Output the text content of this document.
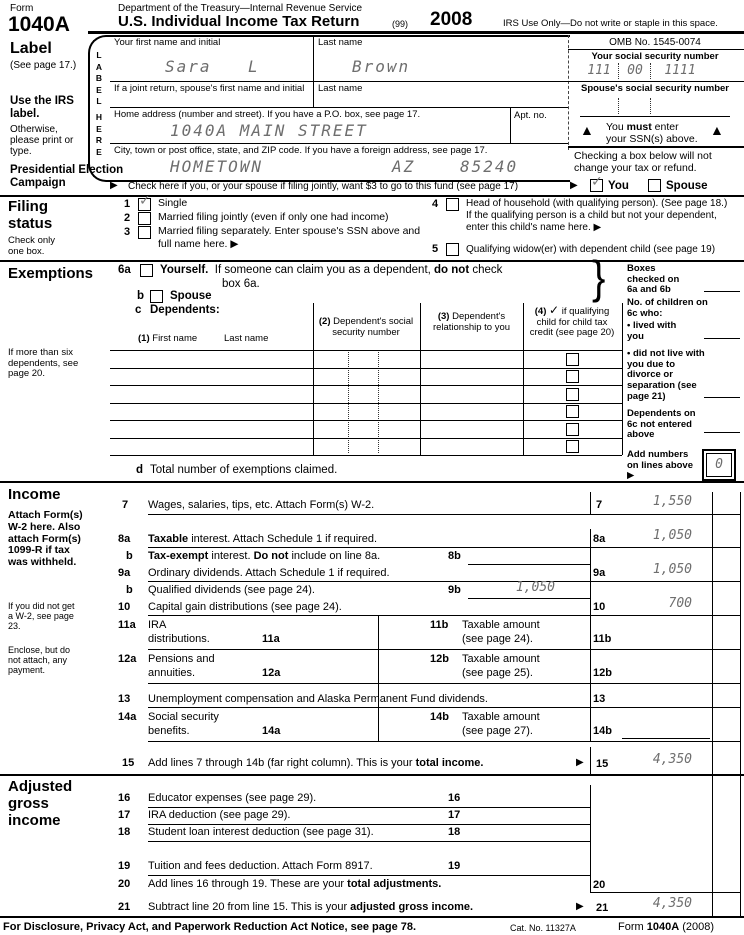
Form
1040A
Department of the Treasury—Internal Revenue Service
U.S. Individual Income Tax Return	(99) 2008	IRS Use Only—Do not write or staple in this space.
Label
(See page 17.)
Use the IRS label.
Otherwise, please print or type.
Presidential Election Campaign	▶
L
A
B
E
L
H
E
R
E
Your first name and initial	Last name
Sara L	Brown
If a joint return, spouse's first name and initial Last name
Home address (number and street). If you have a P.O. box, see page 17.
1040A MAIN STREET
Apt. no.
City, town or post office, state, and ZIP code. If you have a foreign address, see page 17.
HOMETOWN	AZ	85240
OMB No. 1545-0074
Your social security number
111	00	1111
Spouse's social security number
▲ You must enter
your SSN(s) above.
▲
Checking a box below will not change your tax or refund.
▶ ✓ You	Spouse
Check here if you, or your spouse if filing jointly, want $3 to go to this fund (see page 17)
Filing
status
Check only one box.
1 ✓ Single
2	Married filing jointly (even if only one had income)
3	Married filing separately. Enter spouse's SSN above and
full name here. ▶
4	Head of household (with qualifying person). (See page 18.)
If the qualifying person is a child but not your dependent,
enter this child's name here. ▶
5	Qualifying widow(er) with dependent child (see page 19)
Exemptions
If more than six dependents, see page 20.
6a	Yourself. If someone can claim you as a dependent, do not check
box 6a.
b Spouse	}
c Dependents:
(1) First name	Last name
(2) Dependent's social security number
(3) Dependent's relationship to you
(4) ✓ if qualifying child for child tax credit (see page 20)
Boxes checked on 6a and 6b
No. of children on 6c who:
• lived with you
• did not live with you due to divorce or separation (see page 21)
Dependents on 6c not entered above
Add numbers on lines above ▶
0
d Total number of exemptions claimed.
Income
Attach Form(s) W-2 here. Also attach Form(s) 1099-R if tax was withheld.
If you did not get a W-2, see page 23.
Enclose, but do not attach, any payment.
7 Wages, salaries, tips, etc. Attach Form(s) W-2.	7	1,550
8a Taxable interest. Attach Schedule 1 if required.	8a	1,050
b Tax-exempt interest. Do not include on line 8a.	8b
9a Ordinary dividends. Attach Schedule 1 if required.	9a	1,050
b Qualified dividends (see page 24).	9b	1,050
10 Capital gain distributions (see page 24).	10	700
11a IRA
distributions.	11a
11b Taxable amount
(see page 24).	11b
12a Pensions and
annuities.	12a
12b Taxable amount
(see page 25).	12b
13 Unemployment compensation and Alaska Permanent Fund dividends.	13
14a Social security
benefits.	14a
14b Taxable amount
(see page 27).	14b
15 Add lines 7 through 14b (far right column). This is your total income.	▶ 15	4,350
Adjusted
gross
income
16 Educator expenses (see page 29).	16
17 IRA deduction (see page 29).	17
18 Student loan interest deduction (see page 31).	18
19 Tuition and fees deduction. Attach Form 8917.	19
20 Add lines 16 through 19. These are your total adjustments.	20
21 Subtract line 20 from line 15. This is your adjusted gross income.	▶ 21	4,350
For Disclosure, Privacy Act, and Paperwork Reduction Act Notice, see page 78.	Cat. No. 11327A	Form 1040A (2008)
